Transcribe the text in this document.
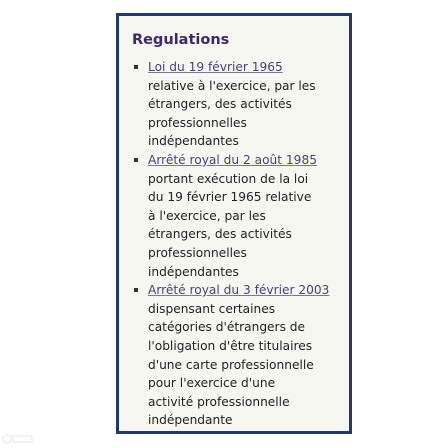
Regulations
Loi du 19 février 1965
relative à l'exercice, par les
étrangers, des activités
professionnelles
indépendantes
Arrêté royal du 2 août 1985
portant exécution de la loi
du 19 février 1965 relative
à l'exercice, par les
étrangers, des activités
professionnelles
indépendantes
Arrêté royal du 3 février 2003
dispensant certaines
catégories d'étrangers de
l'obligation d'être titulaires
d'une carte professionnelle
pour l'exercice d'une
activité professionnelle
indépendante
